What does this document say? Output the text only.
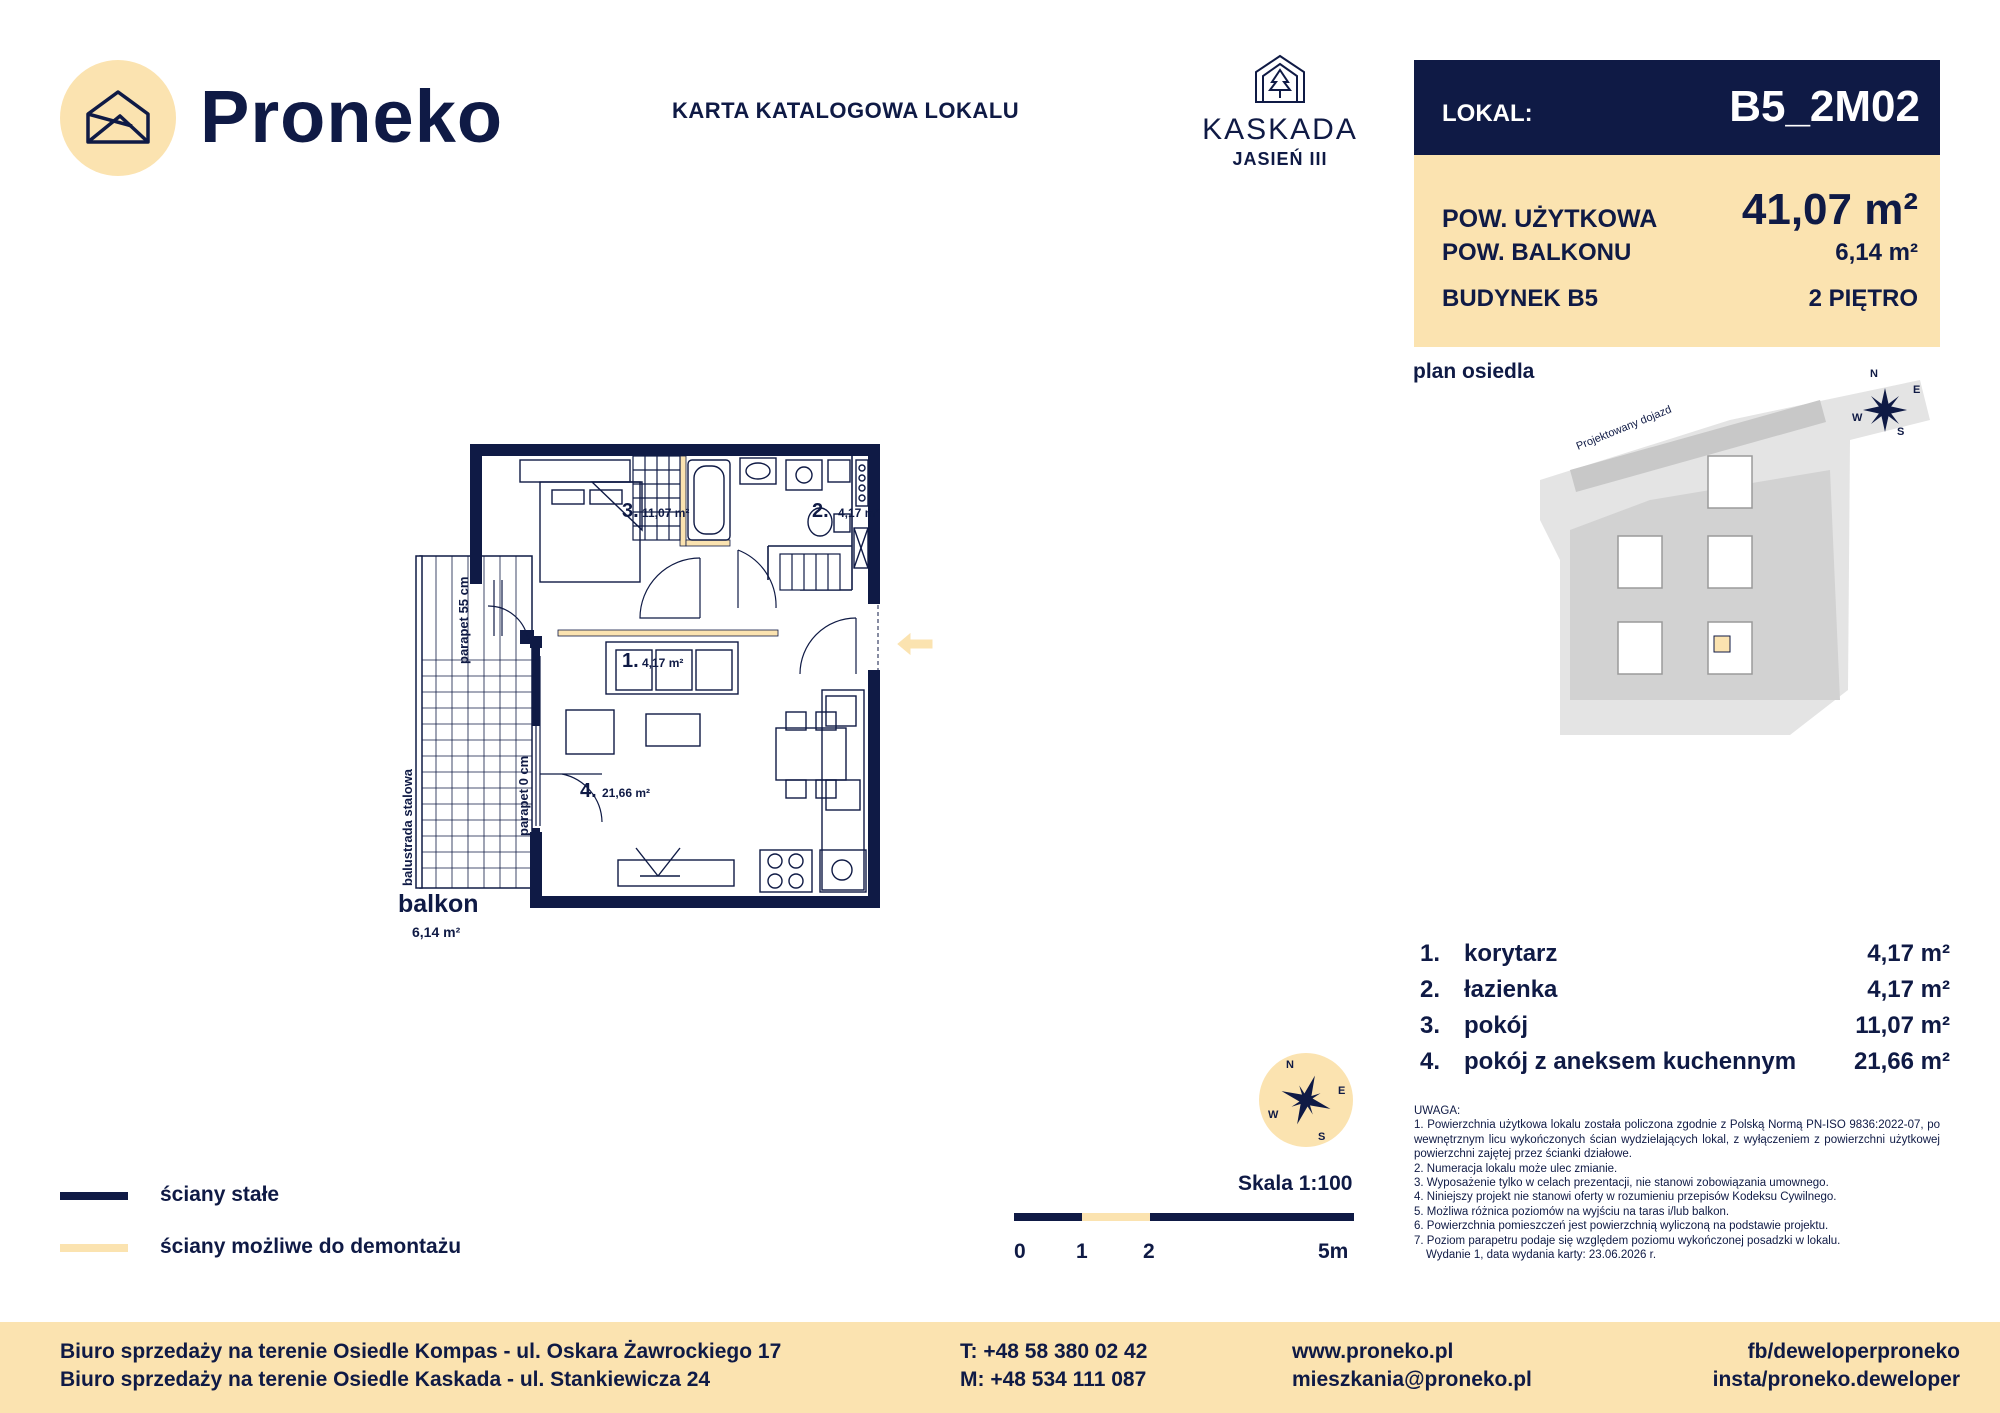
Proneko	KARTA KATALOGOWA LOKALU
KASKADA
JASIEŃ III
LOKAL:	B5_2M02
POW. UŻYTKOWA 41,07 m²
POW. BALKONU	6,14 m²
BUDYNEK B5	2 PIĘTRO
plan osiedla
Projektowany dojazd
N
E
W
S
1. 4,17 m²
2. 4,17 m²
3. 11,07 m²
4. 21,66 m²
parapet 55 cm
parapet 0 cm
balustrada stalowa
balkon
6,14 m²
1. korytarz	4,17 m²
2. łazienka	4,17 m²
3. pokój	11,07 m²
4. pokój z aneksem kuchennym 21,66 m²
UWAGA:
1. Powierzchnia użytkowa lokalu została policzona zgodnie z Polską Normą PN-ISO 9836:2022-07, po wewnętrznym licu wykończonych ścian wydzielających lokal, z wyłączeniem z powierzchni użytkowej powierzchni zajętej przez ścianki działowe.
2. Numeracja lokalu może ulec zmianie.
3. Wyposażenie tylko w celach prezentacji, nie stanowi zobowiązania umownego.
4. Niniejszy projekt nie stanowi oferty w rozumieniu przepisów Kodeksu Cywilnego.
5. Możliwa różnica poziomów na wyjściu na taras i/lub balkon.
6. Powierzchnia pomieszczeń jest powierzchnią wyliczoną na podstawie projektu.
7. Poziom parapetru podaje się względem poziomu wykończonej posadzki w lokalu.
Wydanie 1, data wydania karty: 23.06.2026 r.
N
E
W
S
Skala 1:100
0 1	2	5m
ściany stałe
ściany możliwe do demontażu
Biuro sprzedaży na terenie Osiedle Kompas - ul. Oskara Żawrockiego 17
Biuro sprzedaży na terenie Osiedle Kaskada - ul. Stankiewicza 24
T: +48 58 380 02 42
M: +48 534 111 087
www.proneko.pl
mieszkania@proneko.pl
fb/deweloperproneko
insta/proneko.deweloper
